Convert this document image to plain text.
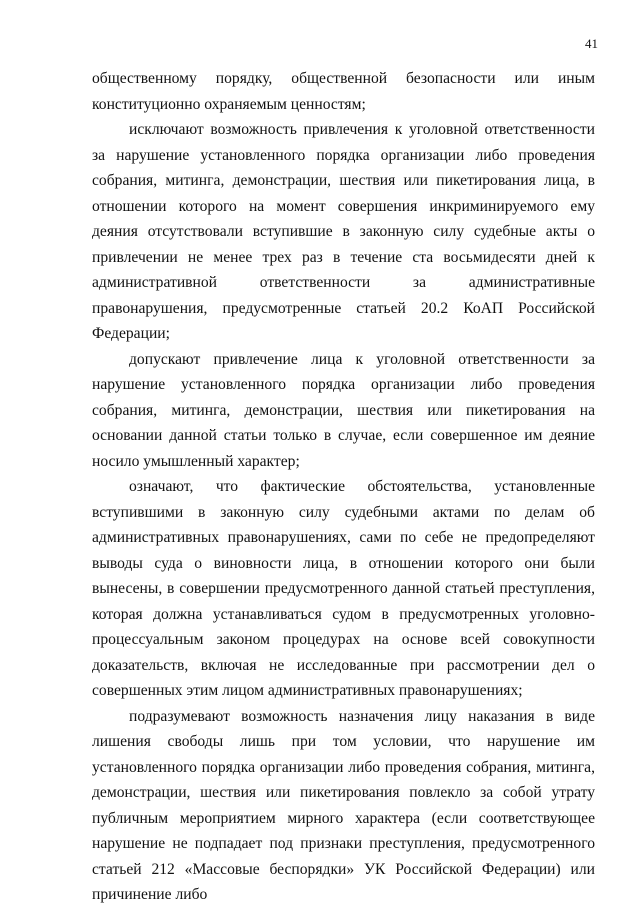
41

общественному порядку, общественной безопасности или иным конституционно охраняемым ценностям;

исключают возможность привлечения к уголовной ответственности за нарушение установленного порядка организации либо проведения собрания, митинга, демонстрации, шествия или пикетирования лица, в отношении которого на момент совершения инкриминируемого ему деяния отсутствовали вступившие в законную силу судебные акты о привлечении не менее трех раз в течение ста восьмидесяти дней к административной ответственности за административные правонарушения, предусмотренные статьей 20.2 КоАП Российской Федерации;

допускают привлечение лица к уголовной ответственности за нарушение установленного порядка организации либо проведения собрания, митинга, демонстрации, шествия или пикетирования на основании данной статьи только в случае, если совершенное им деяние носило умышленный характер;

означают, что фактические обстоятельства, установленные вступившими в законную силу судебными актами по делам об административных правонарушениях, сами по себе не предопределяют выводы суда о виновности лица, в отношении которого они были вынесены, в совершении предусмотренного данной статьей преступления, которая должна устанавливаться судом в предусмотренных уголовно-процессуальным законом процедурах на основе всей совокупности доказательств, включая не исследованные при рассмотрении дел о совершенных этим лицом административных правонарушениях;

подразумевают возможность назначения лицу наказания в виде лишения свободы лишь при том условии, что нарушение им установленного порядка организации либо проведения собрания, митинга, демонстрации, шествия или пикетирования повлекло за собой утрату публичным мероприятием мирного характера (если соответствующее нарушение не подпадает под признаки преступления, предусмотренного статьей 212 «Массовые беспорядки» УК Российской Федерации) или причинение либо
